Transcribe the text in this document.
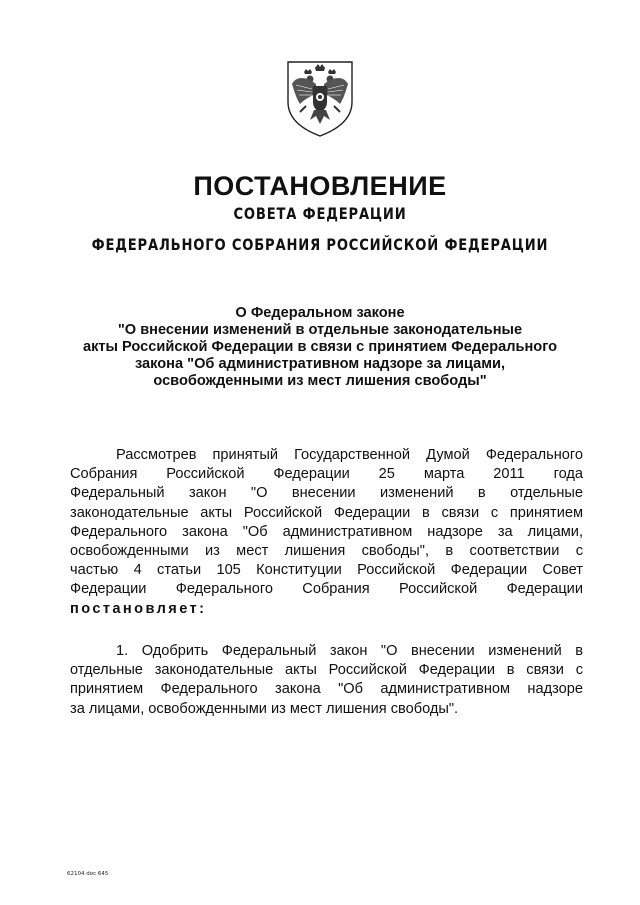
ПОСТАНОВЛЕНИЕ
СОВЕТА ФЕДЕРАЦИИ
ФЕДЕРАЛЬНОГО СОБРАНИЯ РОССИЙСКОЙ ФЕДЕРАЦИИ
О Федеральном законе
"О внесении изменений в отдельные законодательные
акты Российской Федерации в связи с принятием Федерального
закона "Об административном надзоре за лицами,
освобожденными из мест лишения свободы"
Рассмотрев принятый Государственной Думой Федерального
Собрания Российской Федерации 25 марта 2011 года
Федеральный закон "О внесении изменений в отдельные
законодательные акты Российской Федерации в связи с принятием
Федерального закона "Об административном надзоре за лицами,
освобожденными из мест лишения свободы", в соответствии с
частью 4 статьи 105 Конституции Российской Федерации Совет
Федерации Федерального Собрания Российской Федерации
постановляет:
1. Одобрить Федеральный закон "О внесении изменений в
отдельные законодательные акты Российской Федерации в связи с
принятием Федерального закона "Об административном надзоре
за лицами, освобожденными из мест лишения свободы".
62104 doc 645
